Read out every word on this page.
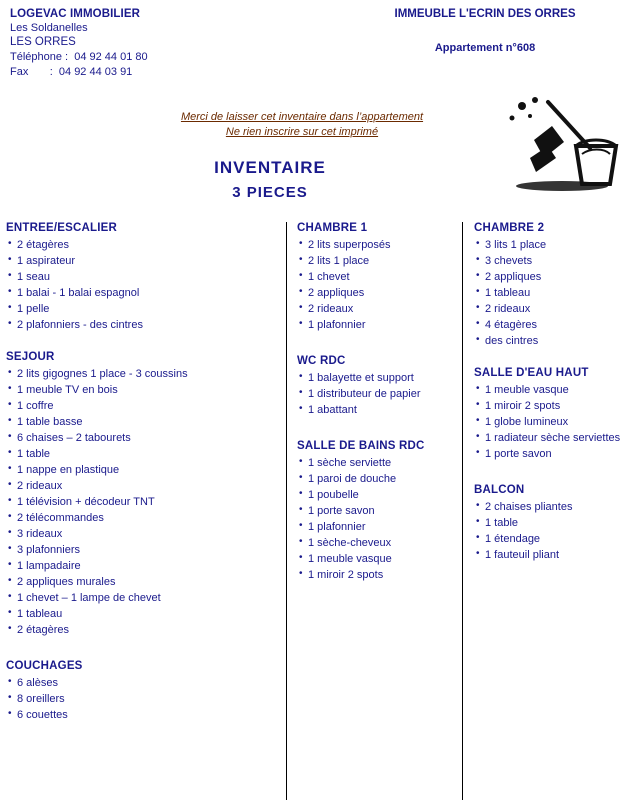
LOGEVAC IMMOBILIER
Les Soldanelles
LES ORRES
Téléphone :  04 92 44 01 80
Fax       :  04 92 44 03 91
IMMEUBLE L'ECRIN DES ORRES
Appartement n°608
Merci de laisser cet inventaire dans l’appartement
Ne rien inscrire sur cet imprimé
INVENTAIRE
3 PIECES
ENTREE/ESCALIER
• 2 étagères
• 1 aspirateur
• 1 seau
• 1 balai - 1 balai espagnol
• 1 pelle
• 2 plafonniers - des cintres
SEJOUR
• 2 lits gigognes 1 place - 3 coussins
• 1 meuble TV en bois
• 1 coffre
• 1 table basse
• 6 chaises – 2 tabourets
• 1 table
• 1 nappe en plastique
• 2 rideaux
• 1 télévision + décodeur TNT
• 2 télécommandes
• 3 rideaux
• 3 plafonniers
• 1 lampadaire
• 2 appliques murales
• 1 chevet – 1 lampe de chevet
• 1 tableau
• 2 étagères
COUCHAGES
• 6 alèses
• 8 oreillers
• 6 couettes
CHAMBRE 1
• 2 lits superposés
• 2 lits 1 place
• 1 chevet
• 2 appliques
• 2 rideaux
• 1 plafonnier
WC RDC
• 1 balayette et support
• 1 distributeur de papier
• 1 abattant
SALLE DE BAINS RDC
• 1 sèche serviette
• 1 paroi de douche
• 1 poubelle
• 1 porte savon
• 1 plafonnier
• 1 sèche-cheveux
• 1 meuble vasque
• 1 miroir 2 spots
CHAMBRE 2
• 3 lits 1 place
• 3 chevets
• 2 appliques
• 1 tableau
• 2 rideaux
• 4 étagères
• des cintres
SALLE D'EAU HAUT
• 1 meuble vasque
• 1 miroir 2 spots
• 1 globe lumineux
• 1 radiateur sèche serviettes
• 1 porte savon
BALCON
• 2 chaises pliantes
• 1 table
• 1 étendage
• 1 fauteuil pliant
